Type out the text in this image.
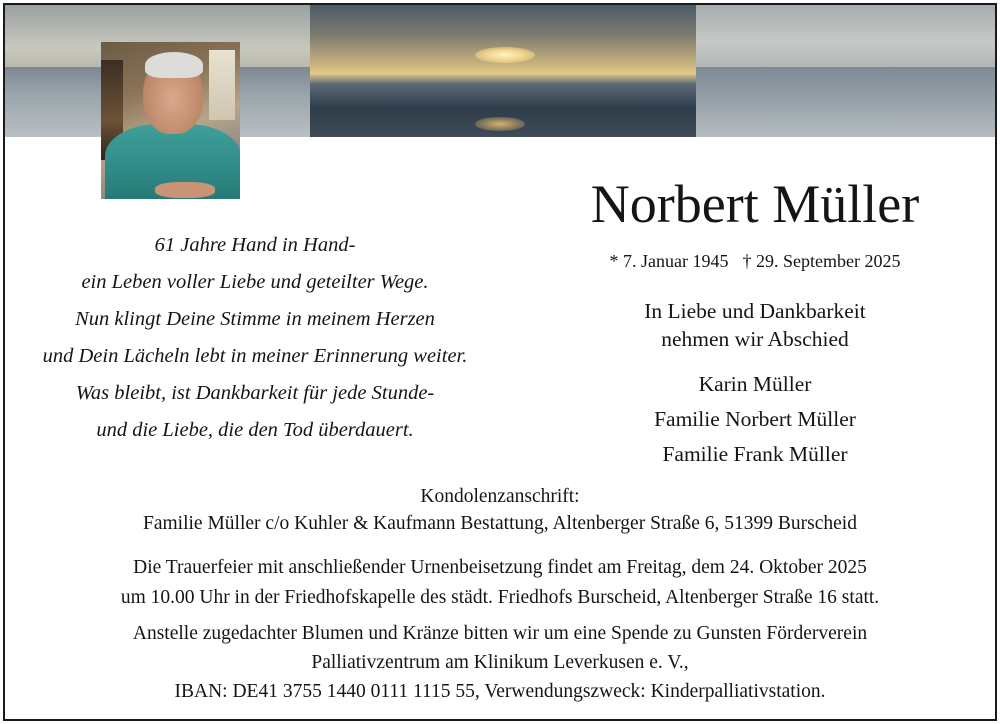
Norbert Müller
* 7. Januar 1945 † 29. September 2025
61 Jahre Hand in Hand-
ein Leben voller Liebe und geteilter Wege.
Nun klingt Deine Stimme in meinem Herzen
und Dein Lächeln lebt in meiner Erinnerung weiter.
Was bleibt, ist Dankbarkeit für jede Stunde-
und die Liebe, die den Tod überdauert.
In Liebe und Dankbarkeit
nehmen wir Abschied
Karin Müller
Familie Norbert Müller
Familie Frank Müller
Kondolenzanschrift:
Familie Müller c/o Kuhler & Kaufmann Bestattung, Altenberger Straße 6, 51399 Burscheid
Die Trauerfeier mit anschließender Urnenbeisetzung findet am Freitag, dem 24. Oktober 2025
um 10.00 Uhr in der Friedhofskapelle des städt. Friedhofs Burscheid, Altenberger Straße 16 statt.
Anstelle zugedachter Blumen und Kränze bitten wir um eine Spende zu Gunsten Förderverein
Palliativzentrum am Klinikum Leverkusen e. V.,
IBAN: DE41 3755 1440 0111 1115 55, Verwendungszweck: Kinderpalliativstation.
